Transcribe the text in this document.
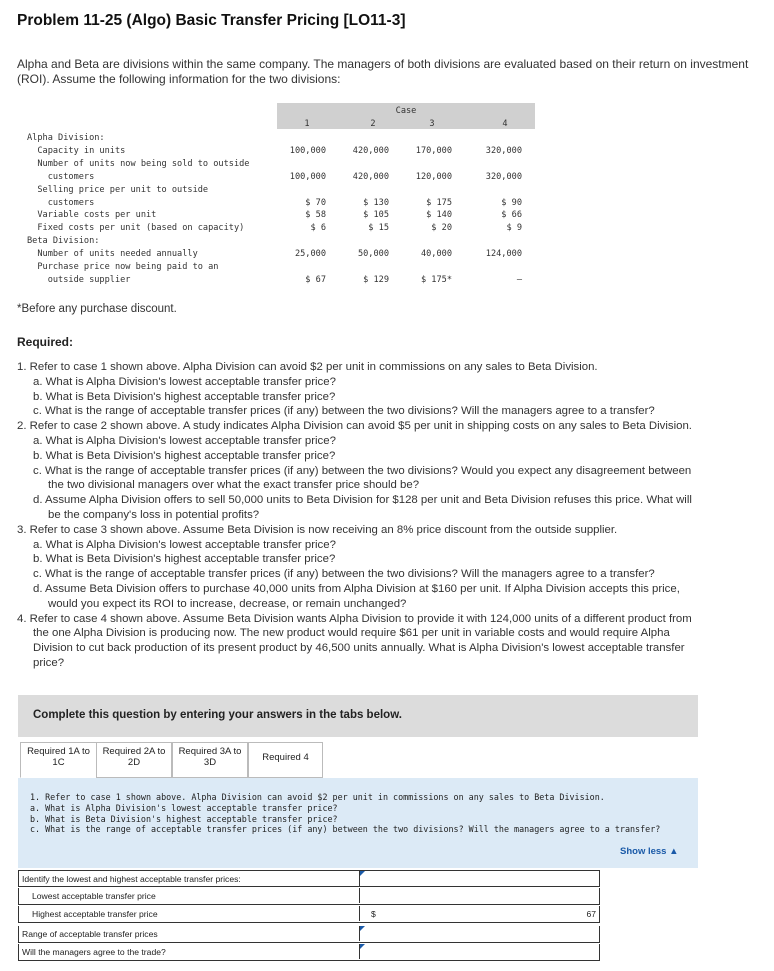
Problem 11-25 (Algo) Basic Transfer Pricing [LO11-3]
Alpha and Beta are divisions within the same company. The managers of both divisions are evaluated based on their return on investment (ROI). Assume the following information for the two divisions:
Case
1	2	3	4
Alpha Division:
Capacity in units	100,000	420,000	170,000	320,000
Number of units now being sold to outside
customers	100,000	420,000	120,000	320,000
Selling price per unit to outside
customers	$ 70	$ 130	$ 175	$ 90
Variable costs per unit	$ 58	$ 105	$ 140	$ 66
Fixed costs per unit (based on capacity)	$ 6	$ 15	$ 20	$ 9
Beta Division:
Number of units needed annually	25,000	50,000	40,000	124,000
Purchase price now being paid to an
outside supplier	$ 67	$ 129	$ 175*	–
*Before any purchase discount.
Required:
1. Refer to case 1 shown above. Alpha Division can avoid $2 per unit in commissions on any sales to Beta Division.
a. What is Alpha Division's lowest acceptable transfer price?
b. What is Beta Division's highest acceptable transfer price?
c. What is the range of acceptable transfer prices (if any) between the two divisions? Will the managers agree to a transfer?
2. Refer to case 2 shown above. A study indicates Alpha Division can avoid $5 per unit in shipping costs on any sales to Beta Division.
a. What is Alpha Division's lowest acceptable transfer price?
b. What is Beta Division's highest acceptable transfer price?
c. What is the range of acceptable transfer prices (if any) between the two divisions? Would you expect any disagreement between
the two divisional managers over what the exact transfer price should be?
d. Assume Alpha Division offers to sell 50,000 units to Beta Division for $128 per unit and Beta Division refuses this price. What will
be the company's loss in potential profits?
3. Refer to case 3 shown above. Assume Beta Division is now receiving an 8% price discount from the outside supplier.
a. What is Alpha Division's lowest acceptable transfer price?
b. What is Beta Division's highest acceptable transfer price?
c. What is the range of acceptable transfer prices (if any) between the two divisions? Will the managers agree to a transfer?
d. Assume Beta Division offers to purchase 40,000 units from Alpha Division at $160 per unit. If Alpha Division accepts this price,
would you expect its ROI to increase, decrease, or remain unchanged?
4. Refer to case 4 shown above. Assume Beta Division wants Alpha Division to provide it with 124,000 units of a different product from
the one Alpha Division is producing now. The new product would require $61 per unit in variable costs and would require Alpha
Division to cut back production of its present product by 46,500 units annually. What is Alpha Division's lowest acceptable transfer
price?
Complete this question by entering your answers in the tabs below.
Required 1A to
1C
Required 2A to
2D
Required 3A to
3D	Required 4
1. Refer to case 1 shown above. Alpha Division can avoid $2 per unit in commissions on any sales to Beta Division.
a. What is Alpha Division's lowest acceptable transfer price?
b. What is Beta Division's highest acceptable transfer price?
c. What is the range of acceptable transfer prices (if any) between the two divisions? Will the managers agree to a transfer?
Show less ▲
Identify the lowest and highest acceptable transfer prices:
Lowest acceptable transfer price
Highest acceptable transfer price	$	67
Range of acceptable transfer prices
Will the managers agree to the trade?
